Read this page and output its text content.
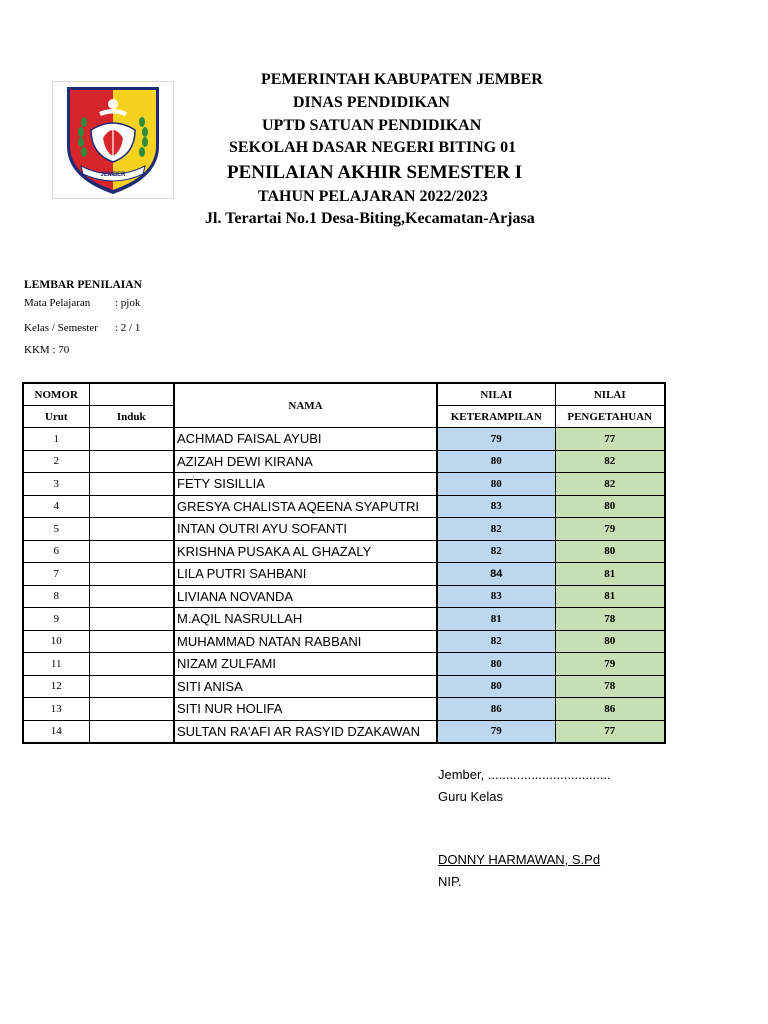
JEMBER
PEMERINTAH KABUPATEN JEMBER
DINAS PENDIDIKAN
UPTD SATUAN PENDIDIKAN
SEKOLAH DASAR NEGERI BITING 01
PENILAIAN AKHIR SEMESTER I
TAHUN PELAJARAN 2022/2023
Jl. Terartai No.1 Desa-Biting,Kecamatan-Arjasa
LEMBAR PENILAIAN
Mata Pelajaran : pjok
Kelas / Semester : 2 / 1
KKM : 70
NOMOR		NAMA	NILAI	NILAI
Urut	Induk		KETERAMPILAN	PENGETAHUAN
1		ACHMAD FAISAL AYUBI	79	77
2		AZIZAH DEWI KIRANA	80	82
3		FETY SISILLIA	80	82
4		GRESYA CHALISTA AQEENA SYAPUTRI	83	80
5		INTAN OUTRI AYU SOFANTI	82	79
6		KRISHNA PUSAKA AL GHAZALY	82	80
7		LILA PUTRI SAHBANI	84	81
8		LIVIANA NOVANDA	83	81
9		M.AQIL NASRULLAH	81	78
10		MUHAMMAD NATAN RABBANI	82	80
11		NIZAM ZULFAMI	80	79
12		SITI ANISA	80	78
13		SITI NUR HOLIFA	86	86
14		SULTAN RA'AFI AR RASYID DZAKAWAN	79	77
Jember, ..................................
Guru Kelas
DONNY HARMAWAN, S.Pd
NIP.
